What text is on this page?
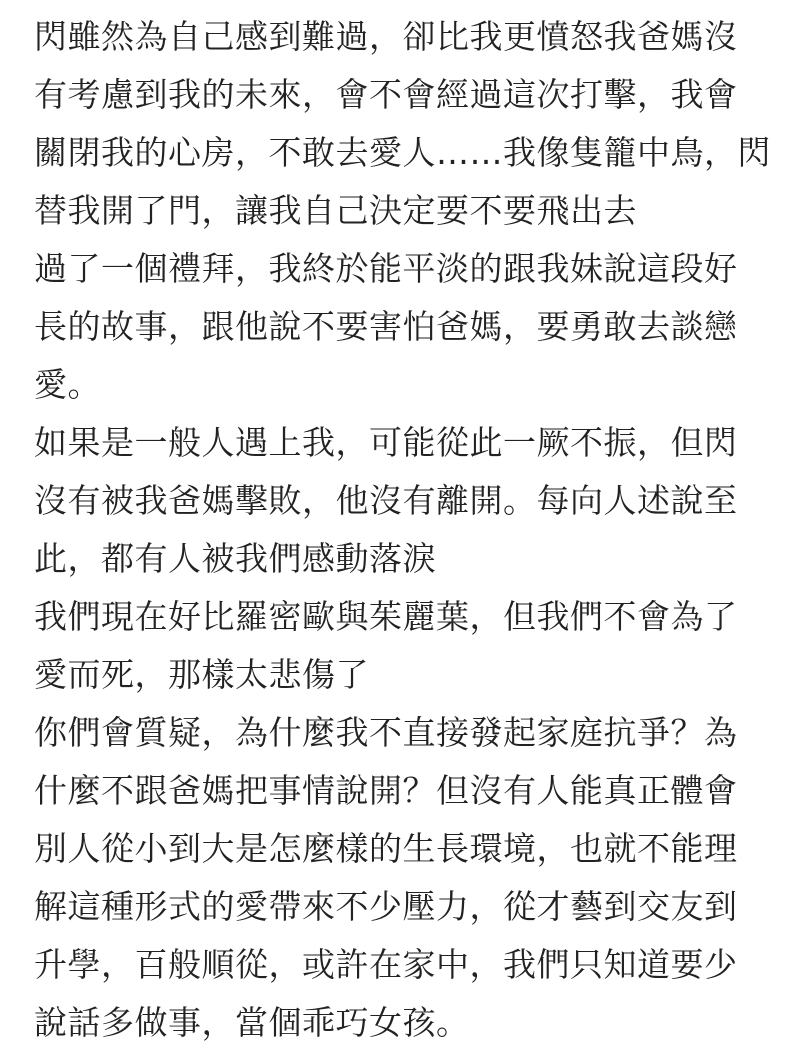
閃雖然為自己感到難過，卻比我更憤怒我爸媽沒
有考慮到我的未來，會不會經過這次打擊，我會
關閉我的心房，不敢去愛人……我像隻籠中鳥，閃
替我開了門，讓我自己決定要不要飛出去
過了一個禮拜，我終於能平淡的跟我妹說這段好
長的故事，跟他說不要害怕爸媽，要勇敢去談戀
愛。
如果是一般人遇上我，可能從此一厥不振，但閃
沒有被我爸媽擊敗，他沒有離開。每向人述說至
此，都有人被我們感動落淚
我們現在好比羅密歐與茱麗葉，但我們不會為了
愛而死，那樣太悲傷了
你們會質疑，為什麼我不直接發起家庭抗爭？為
什麼不跟爸媽把事情說開？但沒有人能真正體會
別人從小到大是怎麼樣的生長環境，也就不能理
解這種形式的愛帶來不少壓力，從才藝到交友到
升學，百般順從，或許在家中，我們只知道要少
說話多做事，當個乖巧女孩。
